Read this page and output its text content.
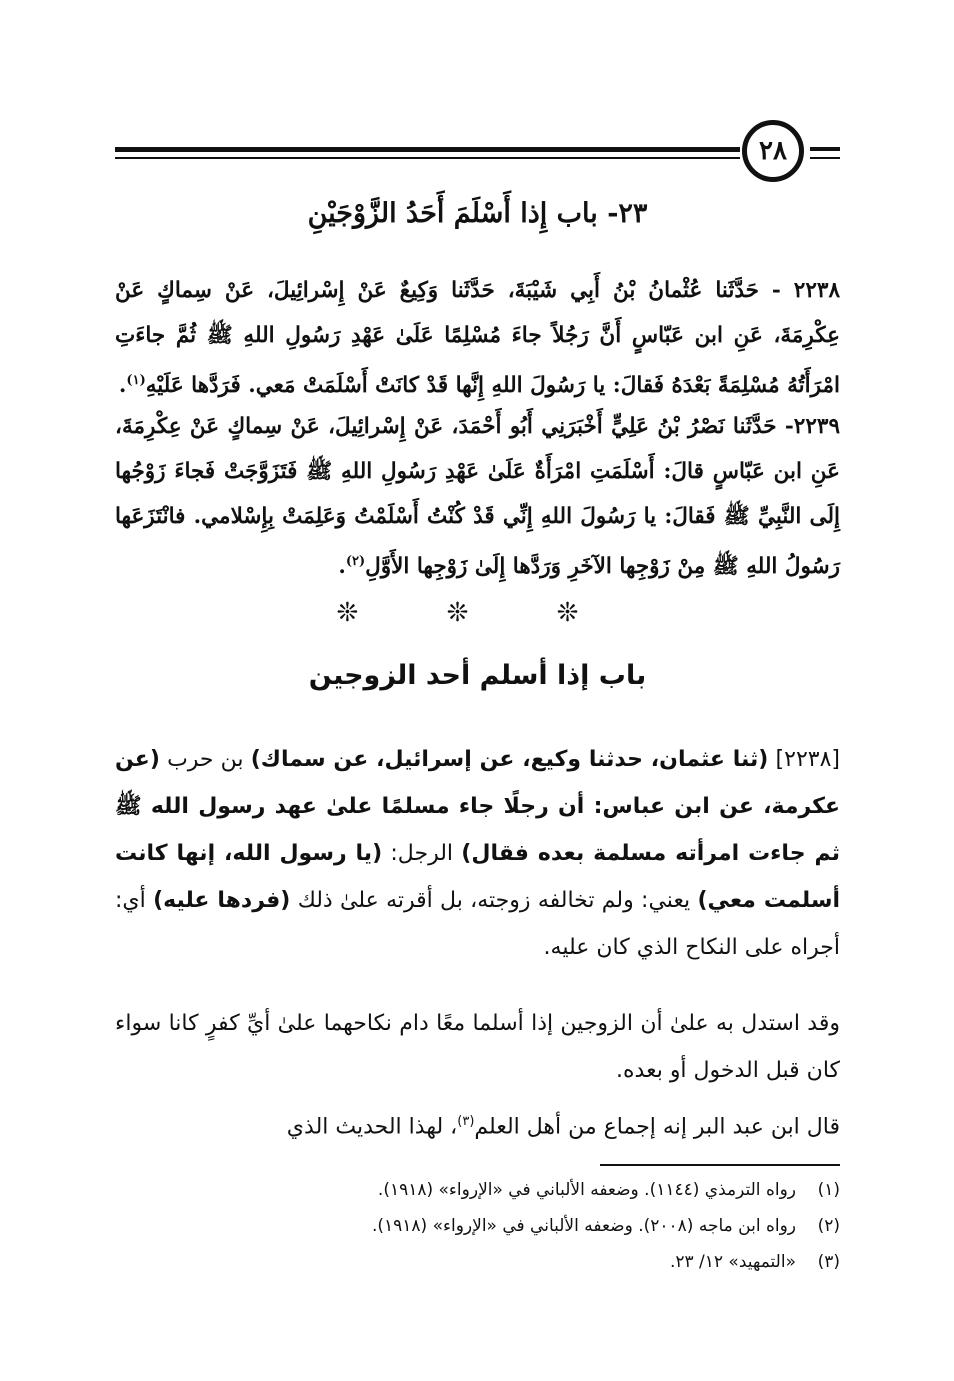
٢٨
٢٣- باب إِذا أَسْلَمَ أَحَدُ الزَّوْجَيْنِ

٢٢٣٨ - حَدَّثَنا عُثْمانُ بْنُ أَبِي شَيْبَةَ، حَدَّثَنا وَكِيعٌ عَنْ إِسْرائِيلَ، عَنْ سِماكٍ عَنْ عِكْرِمَةَ، عَنِ ابن عَبّاسٍ أَنَّ رَجُلاً جاءَ مُسْلِمًا عَلَىٰ عَهْدِ رَسُولِ اللهِ ﷺ ثُمَّ جاءَتِ امْرَأَتُهُ مُسْلِمَةً بَعْدَهُ فَقالَ: يا رَسُولَ اللهِ إِنَّها قَدْ كانَتْ أَسْلَمَتْ مَعي. فَرَدَّها عَلَيْهِ$^{(١)}$.

٢٢٣٩- حَدَّثَنا نَصْرُ بْنُ عَلِيٍّ أَخْبَرَنِي أَبُو أَحْمَدَ، عَنْ إِسْرائِيلَ، عَنْ سِماكٍ عَنْ عِكْرِمَةَ، عَنِ ابن عَبّاسٍ قالَ: أَسْلَمَتِ امْرَأَةٌ عَلَىٰ عَهْدِ رَسُولِ اللهِ ﷺ فَتَزَوَّجَتْ فَجاءَ زَوْجُها إِلَى النَّبِيِّ ﷺ فَقالَ: يا رَسُولَ اللهِ إِنِّي قَدْ كُنْتُ أَسْلَمْتُ وَعَلِمَتْ بِإِسْلامي. فانْتَزَعَها رَسُولُ اللهِ ﷺ مِنْ زَوْجِها الآخَرِ وَرَدَّها إِلَىٰ زَوْجِها الأَوَّلِ$^{(٢)}$.

❊ ❊ ❊
باب إذا أسلم أحد الزوجين

[٢٢٣٨] (ثنا عثمان، حدثنا وكيع، عن إسرائيل، عن سماك) بن حرب (عن عكرمة، عن ابن عباس: أن رجلًا جاء مسلمًا علىٰ عهد رسول الله ﷺ ثم جاءت امرأته مسلمة بعده فقال) الرجل: (يا رسول الله، إنها كانت أسلمت معي) يعني: ولم تخالفه زوجته، بل أقرته علىٰ ذلك (فردها عليه) أي: أجراه على النكاح الذي كان عليه.

وقد استدل به علىٰ أن الزوجين إذا أسلما معًا دام نكاحهما علىٰ أيِّ كفرٍ كانا سواء كان قبل الدخول أو بعده.

قال ابن عبد البر إنه إجماع من أهل العلم$^{(٣)}$، لهذا الحديث الذي

(١)
رواه الترمذي (١١٤٤). وضعفه الألباني في «الإرواء» (١٩١٨).
(٢)
رواه ابن ماجه (٢٠٠٨). وضعفه الألباني في «الإرواء» (١٩١٨).
(٣)
«التمهيد» ١٢/ ٢٣.
